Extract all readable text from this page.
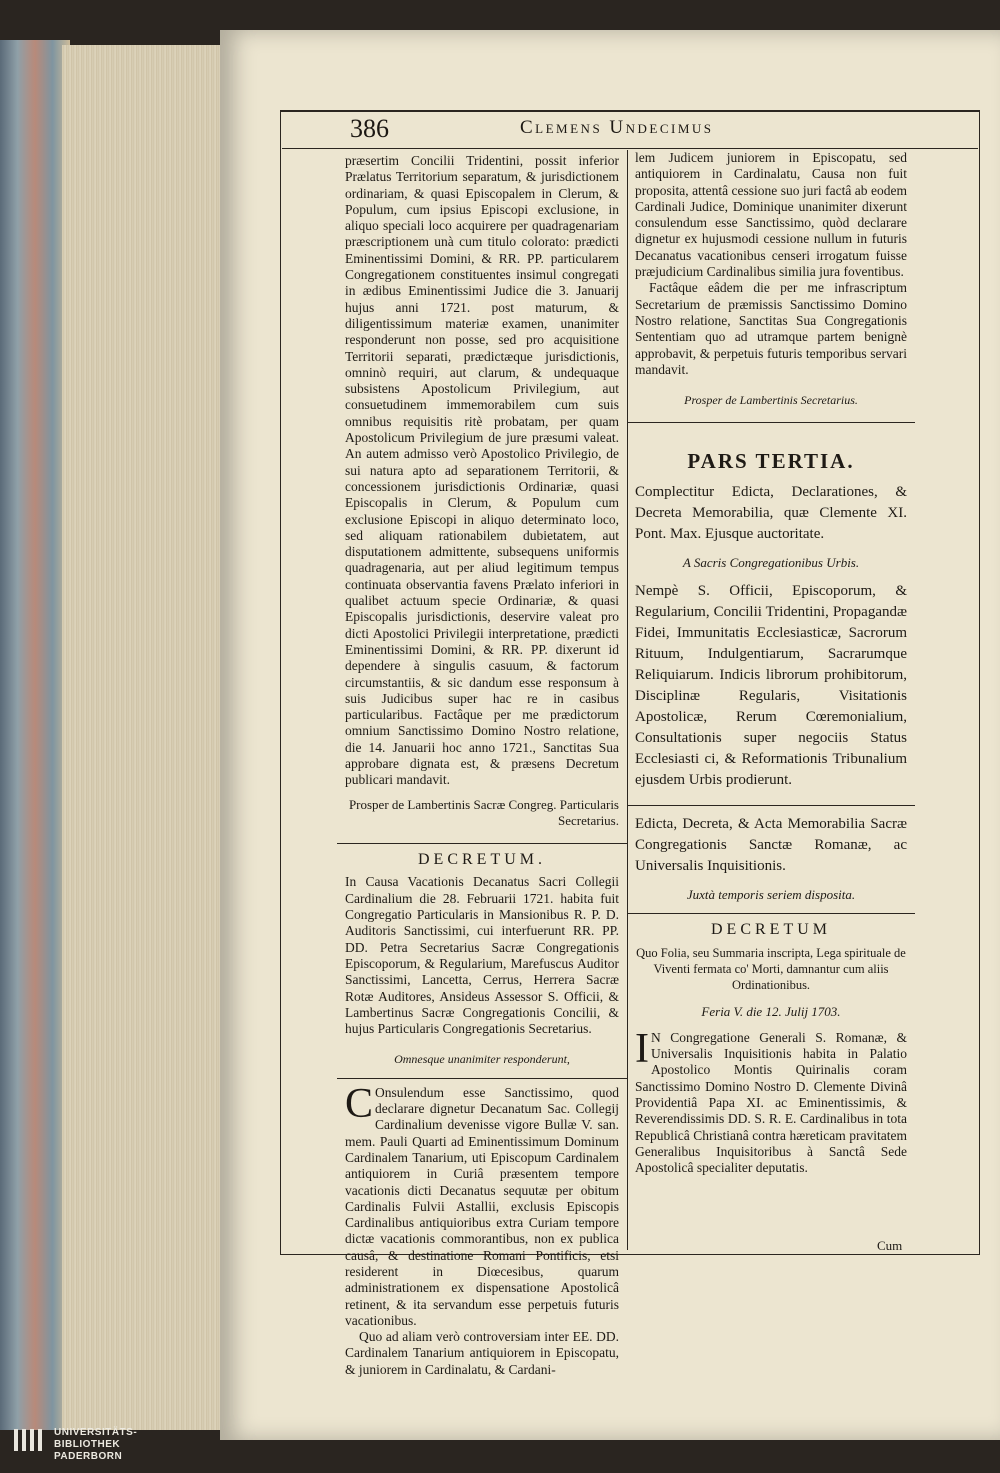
386	Clemens Undecimus

præsertim Concilii Tridentini, possit inferior Prælatus Territorium separatum, & jurisdictionem ordinariam, & quasi Episcopalem in Clerum, & Populum, cum ipsius Episcopi exclusione, in aliquo speciali loco acquirere per quadragenariam præscriptionem unà cum titulo colorato: prædicti Eminentissimi Domini, & RR. PP. particularem Congregationem constituentes insimul congregati in ædibus Eminentissimi Judice die 3. Januarij hujus anni 1721. post maturum, & diligentissimum materiæ examen, unanimiter responderunt non posse, sed pro acquisitione Territorii separati, prædictæque jurisdictionis, omninò requiri, aut clarum, & undequaque subsistens Apostolicum Privilegium, aut consuetudinem immemorabilem cum suis omnibus requisitis ritè probatam, per quam Apostolicum Privilegium de jure præsumi valeat. An autem admisso verò Apostolico Privilegio, de sui natura apto ad separationem Territorii, & concessionem jurisdictionis Ordinariæ, quasi Episcopalis in Clerum, & Populum cum exclusione Episcopi in aliquo determinato loco, sed aliquam rationabilem dubietatem, aut disputationem admittente, subsequens uniformis quadragenaria, aut per aliud legitimum tempus continuata observantia favens Prælato inferiori in qualibet actuum specie Ordinariæ, & quasi Episcopalis jurisdictionis, deservire valeat pro dicti Apostolici Privilegii interpretatione, prædicti Eminentissimi Domini, & RR. PP. dixerunt id dependere à singulis casuum, & factorum circumstantiis, & sic dandum esse responsum à suis Judicibus super hac re in casibus particularibus. Factâque per me prædictorum omnium Sanctissimo Domino Nostro relatione, die 14. Januarii hoc anno 1721., Sanctitas Sua approbare dignata est, & præsens Decretum publicari mandavit.

Prosper de Lambertinis Sacræ Congreg. Particularis Secretarius.

DECRETUM.

In Causa Vacationis Decanatus Sacri Collegii Cardinalium die 28. Februarii 1721. habita fuit Congregatio Particularis in Mansionibus R. P. D. Auditoris Sanctissimi, cui interfuerunt RR. PP. DD. Petra Secretarius Sacræ Congregationis Episcoporum, & Regularium, Marefuscus Auditor Sanctissimi, Lancetta, Cerrus, Herrera Sacræ Rotæ Auditores, Ansideus Assessor S. Officii, & Lambertinus Sacræ Congregationis Concilii, & hujus Particularis Congregationis Secretarius.

Omnesque unanimiter responderunt,

C Onsulendum esse Sanctissimo, quod declarare dignetur Decanatum Sac. Collegij Cardinalium devenisse vigore Bullæ V. san. mem. Pauli Quarti ad Eminentissimum Dominum Cardinalem Tanarium, uti Episcopum Cardinalem antiquiorem in Curiâ præsentem tempore vacationis dicti Decanatus sequutæ per obitum Cardinalis Fulvii Astallii, exclusis Episcopis Cardinalibus antiquioribus extra Curiam tempore dictæ vacationis commorantibus, non ex publica causâ, & destinatione Romani Pontificis, etsi residerent in Diœcesibus, quarum administrationem ex dispensatione Apostolicâ retinent, & ita servandum esse perpetuis futuris vacationibus.

Quo ad aliam verò controversiam inter EE. DD. Cardinalem Tanarium antiquiorem in Episcopatu, & juniorem in Cardinalatu, & Cardani-

lem Judicem juniorem in Episcopatu, sed antiquiorem in Cardinalatu, Causa non fuit proposita, attentâ cessione suo juri factâ ab eodem Cardinali Judice, Dominique unanimiter dixerunt consulendum esse Sanctissimo, quòd declarare dignetur ex hujusmodi cessione nullum in futuris Decanatus vacationibus censeri irrogatum fuisse præjudicium Cardinalibus similia jura foventibus.

Factâque eâdem die per me infrascriptum Secretarium de præmissis Sanctissimo Domino Nostro relatione, Sanctitas Sua Congregationis Sententiam quo ad utramque partem benignè approbavit, & perpetuis futuris temporibus servari mandavit.

Prosper de Lambertinis Secretarius.

PARS TERTIA.

Complectitur Edicta, Declarationes, & Decreta Memorabilia, quæ Clemente XI. Pont. Max. Ejusque auctoritate.

A Sacris Congregationibus Urbis.

Nempè S. Officii, Episcoporum, & Regularium, Concilii Tridentini, Propagandæ Fidei, Immunitatis Ecclesiasticæ, Sacrorum Rituum, Indulgentiarum, Sacrarumque Reliquiarum. Indicis librorum prohibitorum, Disciplinæ Regularis, Visitationis Apostolicæ, Rerum Cœremonialium, Consultationis super negociis Status Ecclesiasti ci, & Reformationis Tribunalium ejusdem Urbis prodierunt.

Edicta, Decreta, & Acta Memorabilia Sacræ Congregationis Sanctæ Romanæ, ac Universalis Inquisitionis.

Juxtà temporis seriem disposita.

DECRETUM

Quo Folia, seu Summaria inscripta, Lega spirituale de Viventi fermata co' Morti, damnantur cum aliis Ordinationibus.

Feria V. die 12. Julij 1703.

I N Congregatione Generali S. Romanæ, & Universalis Inquisitionis habita in Palatio Apostolico Montis Quirinalis coram Sanctissimo Domino Nostro D. Clemente Divinâ Providentiâ Papa XI. ac Eminentissimis, & Reverendissimis DD. S. R. E. Cardinalibus in tota Republicâ Christianâ contra hæreticam pravitatem Generalibus Inquisitoribus à Sanctâ Sede Apostolicâ specialiter deputatis.

Cum
UNIVERSITÄTS-
BIBLIOTHEK
PADERBORN
